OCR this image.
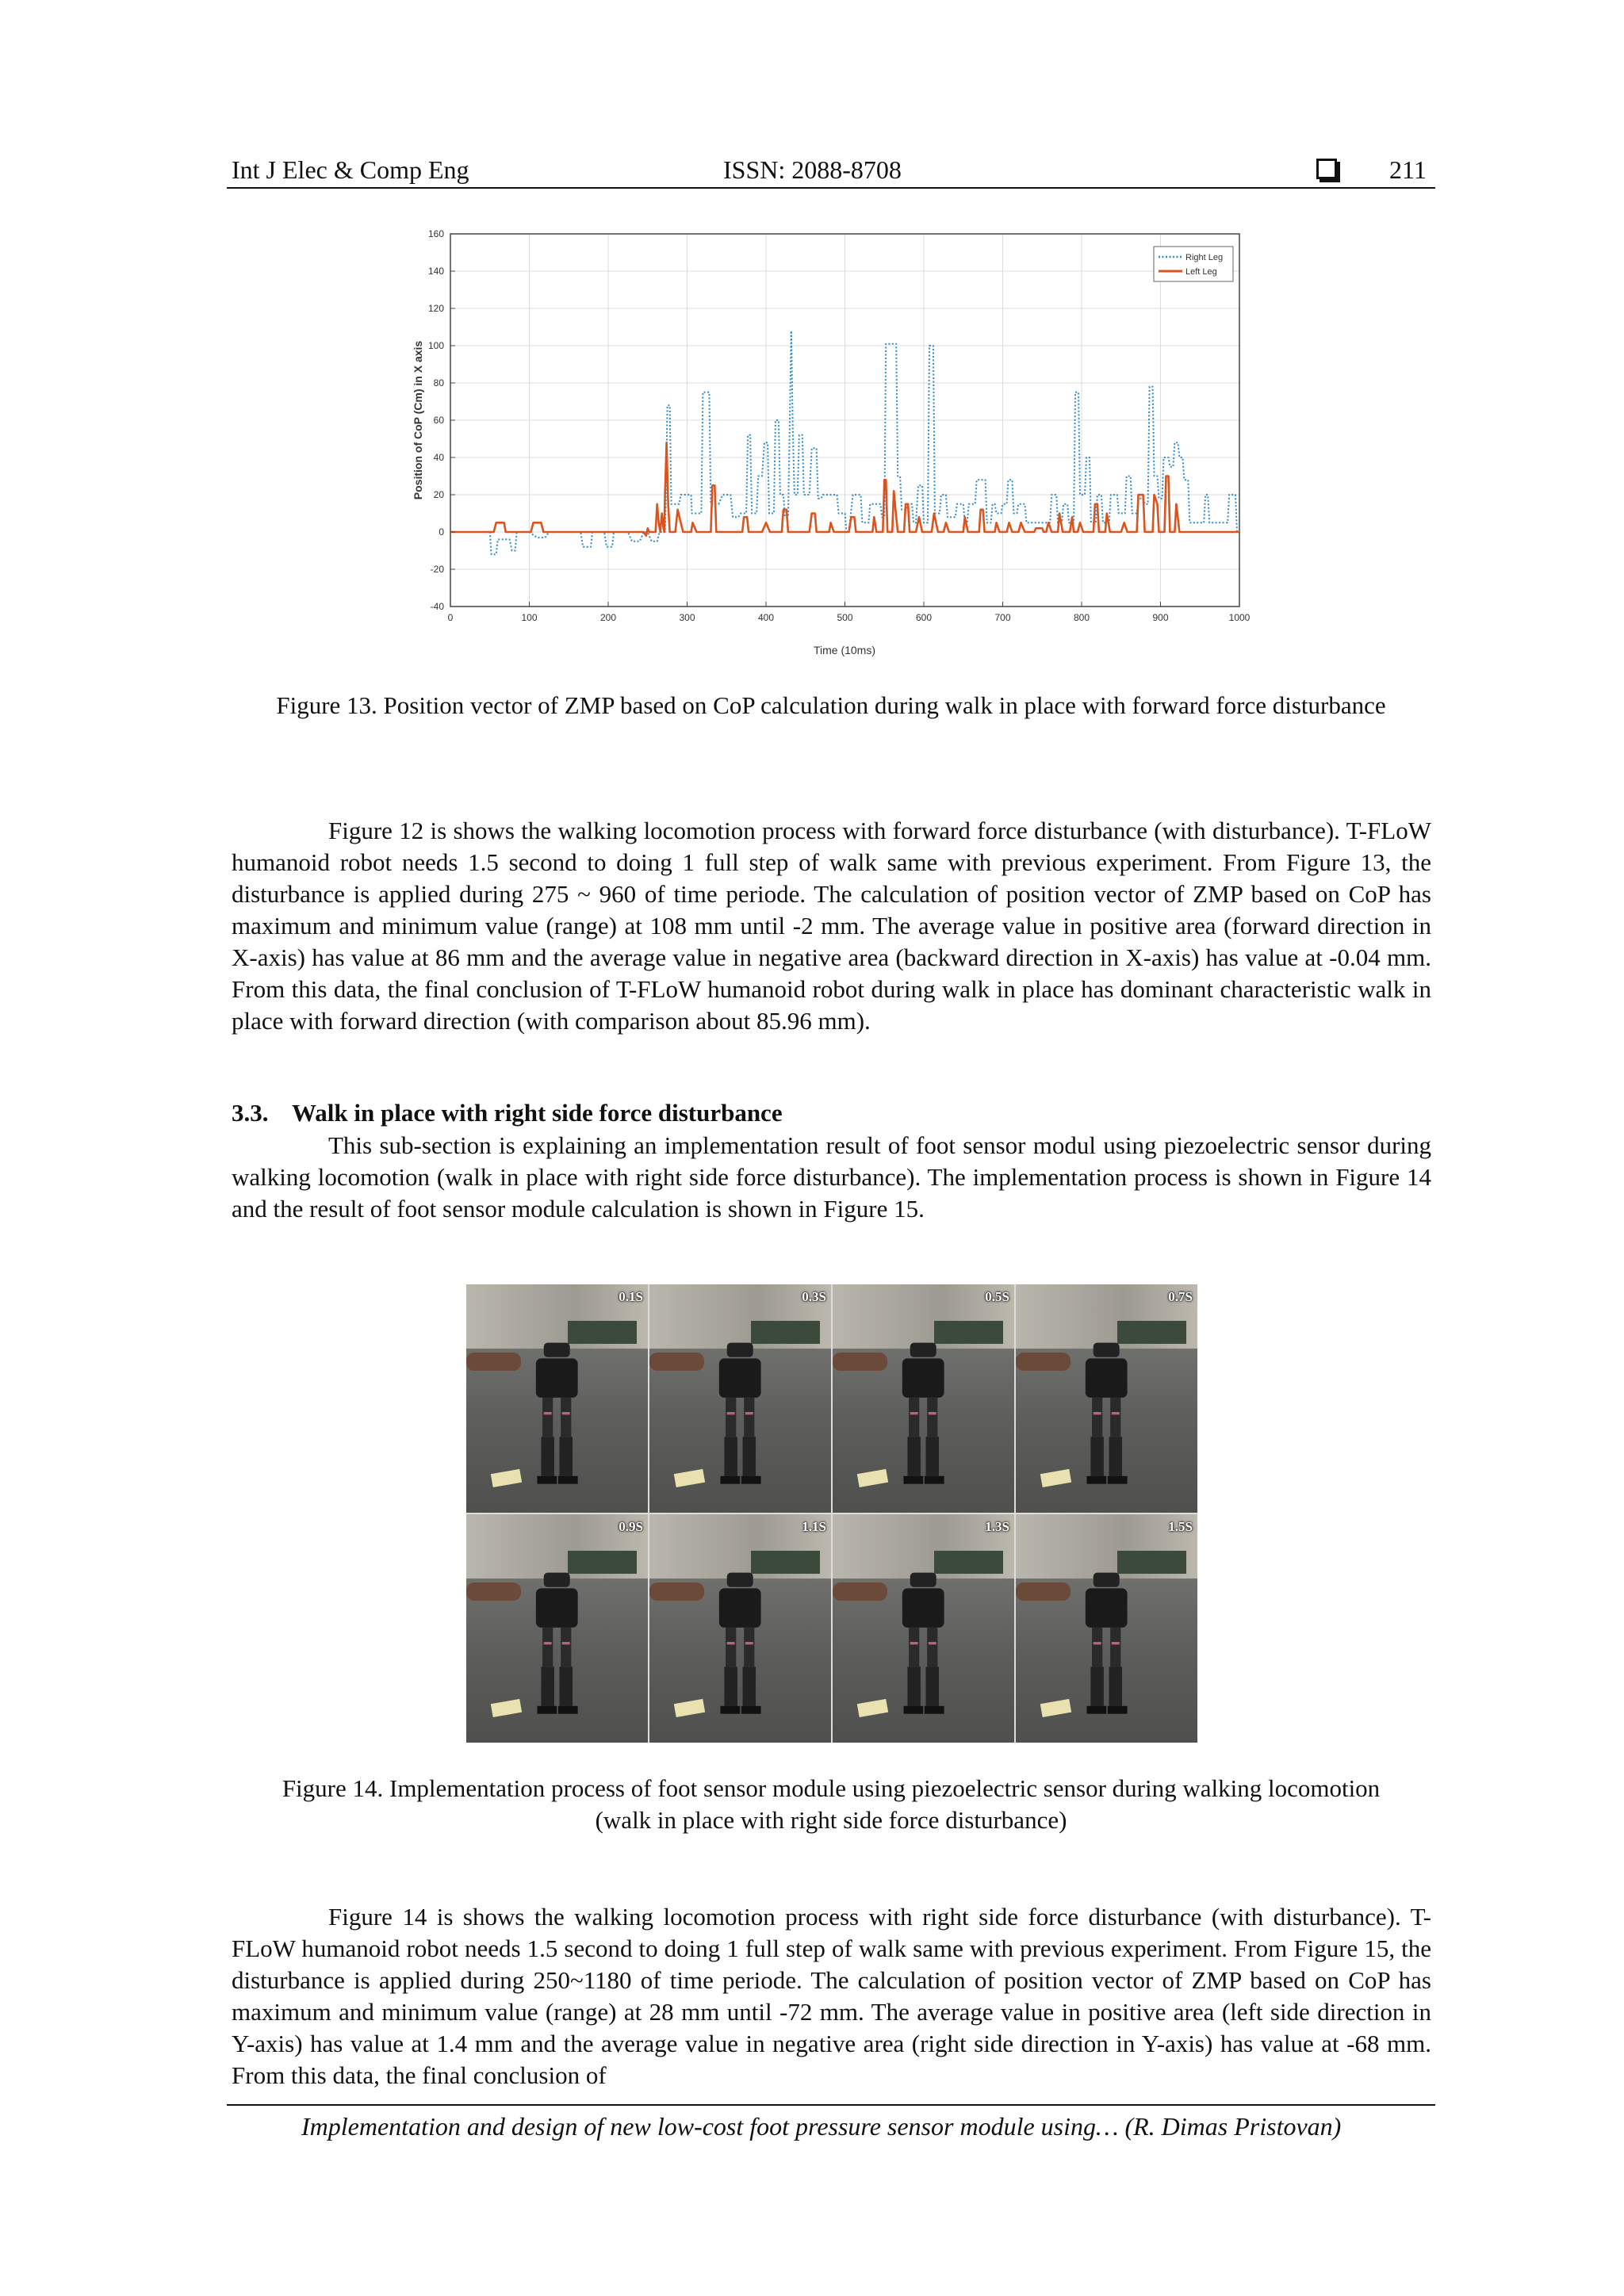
Int J Elec & Comp Eng	ISSN: 2088-8708	211
0	100	200	300	400	500	600	700	800	900	1000
-40
-20
0
20
40
60
80
100
120
140
160
Position of CoP (Cm) in X axis
Time (10ms)
Right Leg
Left Leg
Figure 13. Position vector of ZMP based on CoP calculation during walk in place with forward force disturbance
Figure 12 is shows the walking locomotion process with forward force disturbance (with disturbance). T-FLoW humanoid robot needs 1.5 second to doing 1 full step of walk same with previous experiment. From Figure 13, the disturbance is applied during 275 ~ 960 of time periode. The calculation of position vector of ZMP based on CoP has maximum and minimum value (range) at 108 mm until -2 mm. The average value in positive area (forward direction in X-axis) has value at 86 mm and the average value in negative area (backward direction in X-axis) has value at -0.04 mm. From this data, the final conclusion of T-FLoW humanoid robot during walk in place has dominant characteristic walk in place with forward direction (with comparison about 85.96 mm).
3.3. Walk in place with right side force disturbance
This sub-section is explaining an implementation result of foot sensor modul using piezoelectric sensor during walking locomotion (walk in place with right side force disturbance). The implementation process is shown in Figure 14 and the result of foot sensor module calculation is shown in Figure 15.
0.1S	0.3S	0.5S	0.7S
0.9S	1.1S	1.3S	1.5S
Figure 14. Implementation process of foot sensor module using piezoelectric sensor during walking locomotion (walk in place with right side force disturbance)
Figure 14 is shows the walking locomotion process with right side force disturbance (with disturbance). T-FLoW humanoid robot needs 1.5 second to doing 1 full step of walk same with previous experiment. From Figure 15, the disturbance is applied during 250~1180 of time periode. The calculation of position vector of ZMP based on CoP has maximum and minimum value (range) at 28 mm until -72 mm. The average value in positive area (left side direction in Y-axis) has value at 1.4 mm and the average value in negative area (right side direction in Y-axis) has value at -68 mm. From this data, the final conclusion of
Implementation and design of new low-cost foot pressure sensor module using… (R. Dimas Pristovan)
